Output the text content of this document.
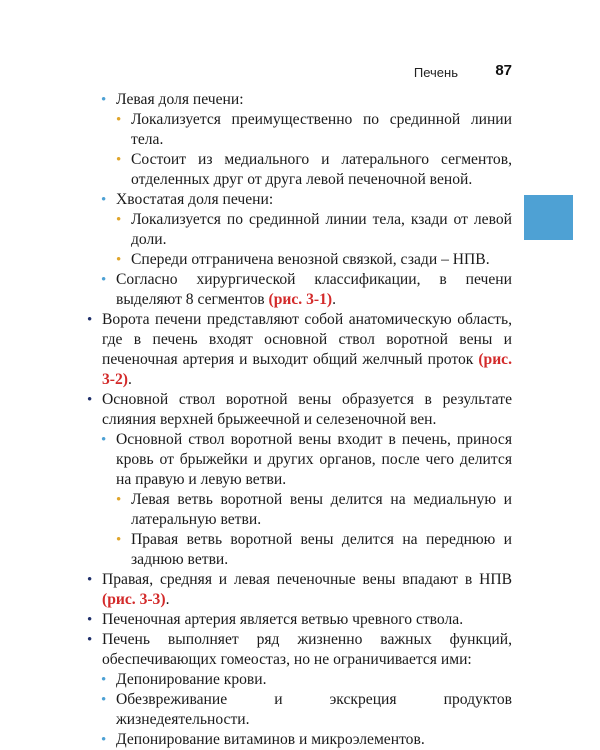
Печень 87
• Левая доля печени:
• Локализуется преимущественно по срединной линии тела.
• Состоит из медиального и латерального сегментов, отделенных друг от друга левой печеночной веной.
• Хвостатая доля печени:
• Локализуется по срединной линии тела, кзади от левой доли.
• Спереди отграничена венозной связкой, сзади – НПВ.
• Согласно хирургической классификации, в печени выделяют 8 сегментов (рис. 3-1).
• Ворота печени представляют собой анатомическую область, где в печень входят основной ствол воротной вены и печеночная артерия и выходит общий желчный проток (рис. 3-2).
• Основной ствол воротной вены образуется в результате слияния верхней брыжеечной и селезеночной вен.
• Основной ствол воротной вены входит в печень, принося кровь от брыжейки и других органов, после чего делится на правую и левую ветви.
• Левая ветвь воротной вены делится на медиальную и латеральную ветви.
• Правая ветвь воротной вены делится на переднюю и заднюю ветви.
• Правая, средняя и левая печеночные вены впадают в НПВ (рис. 3-3).
• Печеночная артерия является ветвью чревного ствола.
• Печень выполняет ряд жизненно важных функций, обеспечивающих гомеостаз, но не ограничивается ими:
• Депонирование крови.
• Обезвреживание и экскреция продуктов жизнедеятельности.
• Депонирование витаминов и микроэлементов.
